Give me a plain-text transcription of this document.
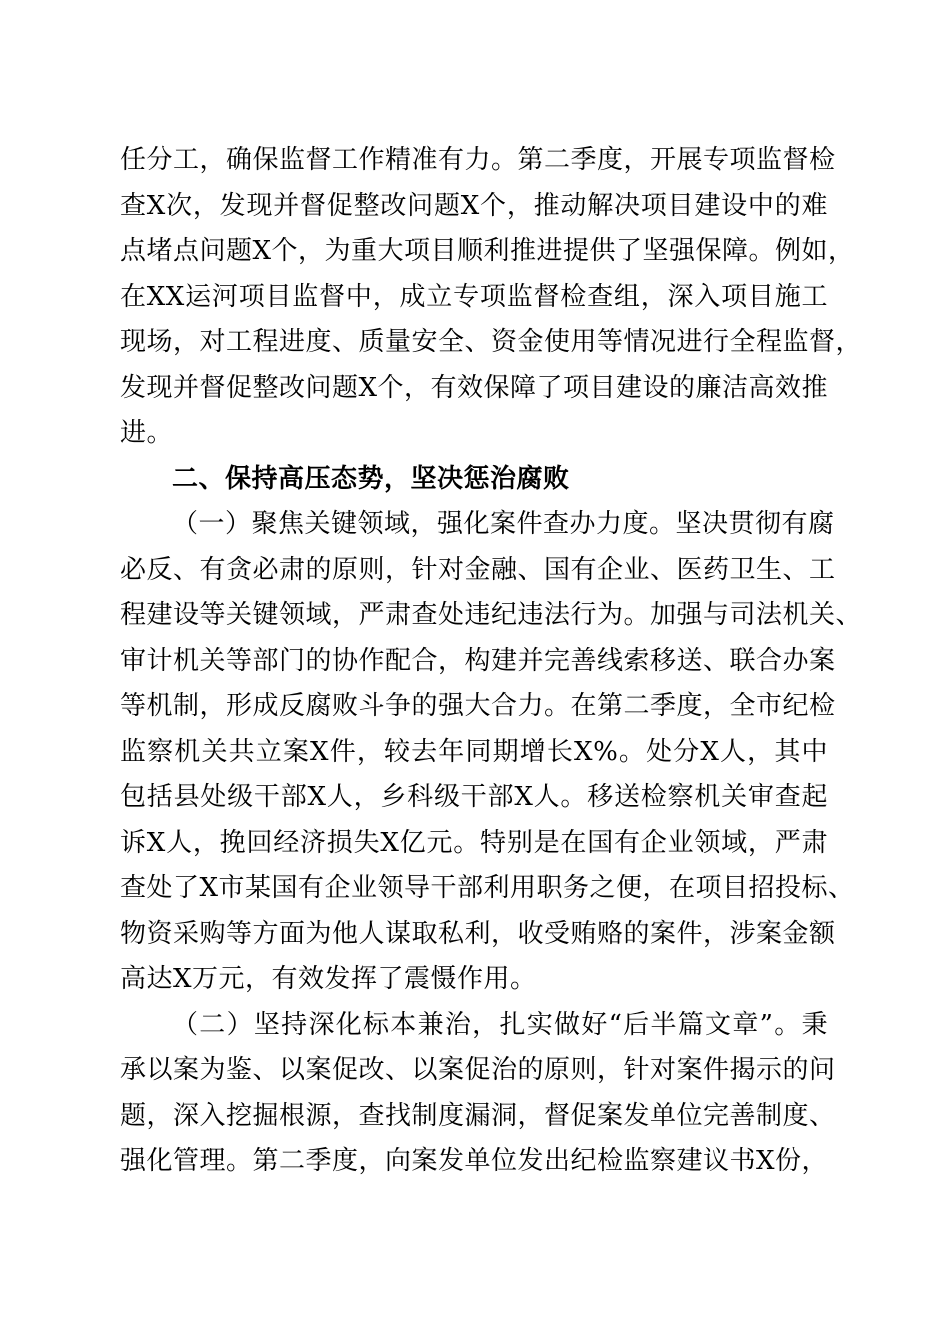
任分工，确保监督工作精准有力。第二季度，开展专项监督检
查X次，发现并督促整改问题X个，推动解决项目建设中的难
点堵点问题X个，为重大项目顺利推进提供了坚强保障。例如，
在XX运河项目监督中，成立专项监督检查组，深入项目施工
现场，对工程进度、质量安全、资金使用等情况进行全程监督，
发现并督促整改问题X个，有效保障了项目建设的廉洁高效推
进。
二、保持高压态势，坚决惩治腐败
（一）聚焦关键领域，强化案件查办力度。坚决贯彻有腐
必反、有贪必肃的原则，针对金融、国有企业、医药卫生、工
程建设等关键领域，严肃查处违纪违法行为。加强与司法机关、
审计机关等部门的协作配合，构建并完善线索移送、联合办案
等机制，形成反腐败斗争的强大合力。在第二季度，全市纪检
监察机关共立案X件，较去年同期增长X%。处分X人，其中
包括县处级干部X人，乡科级干部X人。移送检察机关审查起
诉X人，挽回经济损失X亿元。特别是在国有企业领域，严肃
查处了X市某国有企业领导干部利用职务之便，在项目招投标、
物资采购等方面为他人谋取私利，收受贿赂的案件，涉案金额
高达X万元，有效发挥了震慑作用。
（二）坚持深化标本兼治，扎实做好“后半篇文章”。秉
承以案为鉴、以案促改、以案促治的原则，针对案件揭示的问
题，深入挖掘根源，查找制度漏洞，督促案发单位完善制度、
强化管理。第二季度，向案发单位发出纪检监察建议书X份，
